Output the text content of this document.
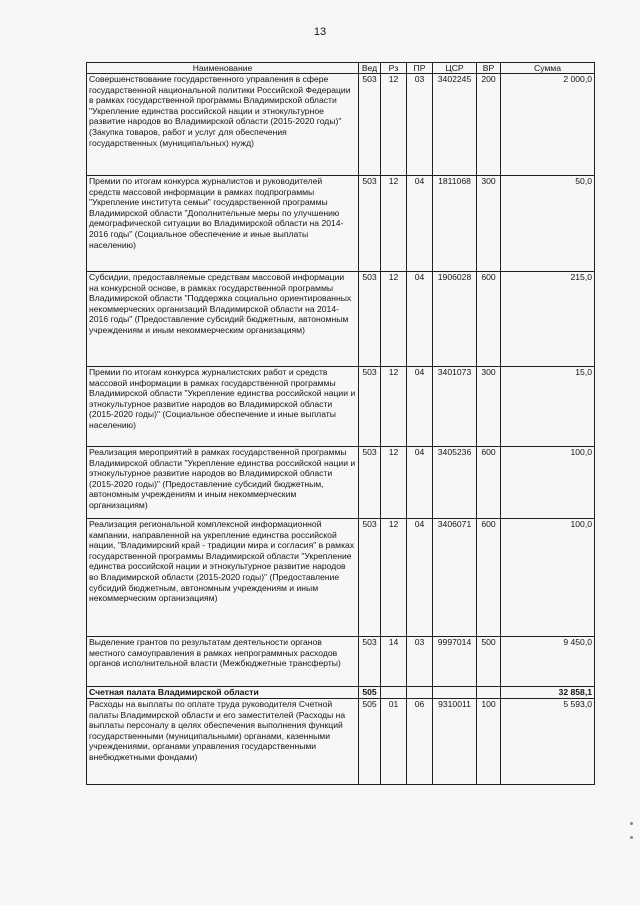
13
Наименование	Вед	Рз	ПР	ЦСР	ВР	Сумма
Совершенствование государственного управления в сфере государственной национальной политики Российской Федерации в рамках государственной программы Владимирской области "Укрепление единства российской нации и этнокультурное развитие народов во Владимирской области (2015-2020 годы)" (Закупка товаров, работ и услуг для обеспечения государственных (муниципальных) нужд)	503	12	03	3402245	200	2 000,0
Премии по итогам конкурса журналистов и руководителей средств массовой информации в рамках подпрограммы "Укрепление института семьи" государственной программы Владимирской области "Дополнительные меры по улучшению демографической ситуации во Владимирской области на 2014-2016 годы" (Социальное обеспечение и иные выплаты населению)	503	12	04	1811068	300	50,0
Субсидии, предоставляемые средствам массовой информации на конкурсной основе, в рамках государственной программы Владимирской области "Поддержка социально ориентированных некоммерческих организаций Владимирской области на 2014-2016 годы" (Предоставление субсидий бюджетным, автономным учреждениям и иным некоммерческим организациям)	503	12	04	1906028	600	215,0
Премии по итогам конкурса журналистских работ и средств массовой информации в рамках государственной программы Владимирской области "Укрепление единства российской нации и этнокультурное развитие народов во Владимирской области (2015-2020 годы)" (Социальное обеспечение и иные выплаты населению)	503	12	04	3401073	300	15,0
Реализация мероприятий в рамках государственной программы Владимирской области "Укрепление единства российской нации и этнокультурное развитие народов во Владимирской области (2015-2020 годы)" (Предоставление субсидий бюджетным, автономным учреждениям и иным некоммерческим организациям)	503	12	04	3405236	600	100,0
Реализация региональной комплексной информационной кампании, направленной на укрепление единства российской нации, "Владимирский край - традиции мира и согласия" в рамках государственной программы Владимирской области "Укрепление единства российской нации и этнокультурное развитие народов во Владимирской области (2015-2020 годы)" (Предоставление субсидий бюджетным, автономным учреждениям и иным некоммерческим организациям)	503	12	04	3406071	600	100,0
Выделение грантов по результатам деятельности органов местного самоуправления в рамках непрограммных расходов органов исполнительной власти (Межбюджетные трансферты)	503	14	03	9997014	500	9 450,0
Счетная палата Владимирской области	505					32 858,1
Расходы на выплаты по оплате труда руководителя Счетной палаты Владимирской области и его заместителей (Расходы на выплаты персоналу в целях обеспечения выполнения функций государственными (муниципальными) органами, казенными учреждениями, органами управления государственными внебюджетными фондами)	505	01	06	9310011	100	5 593,0
